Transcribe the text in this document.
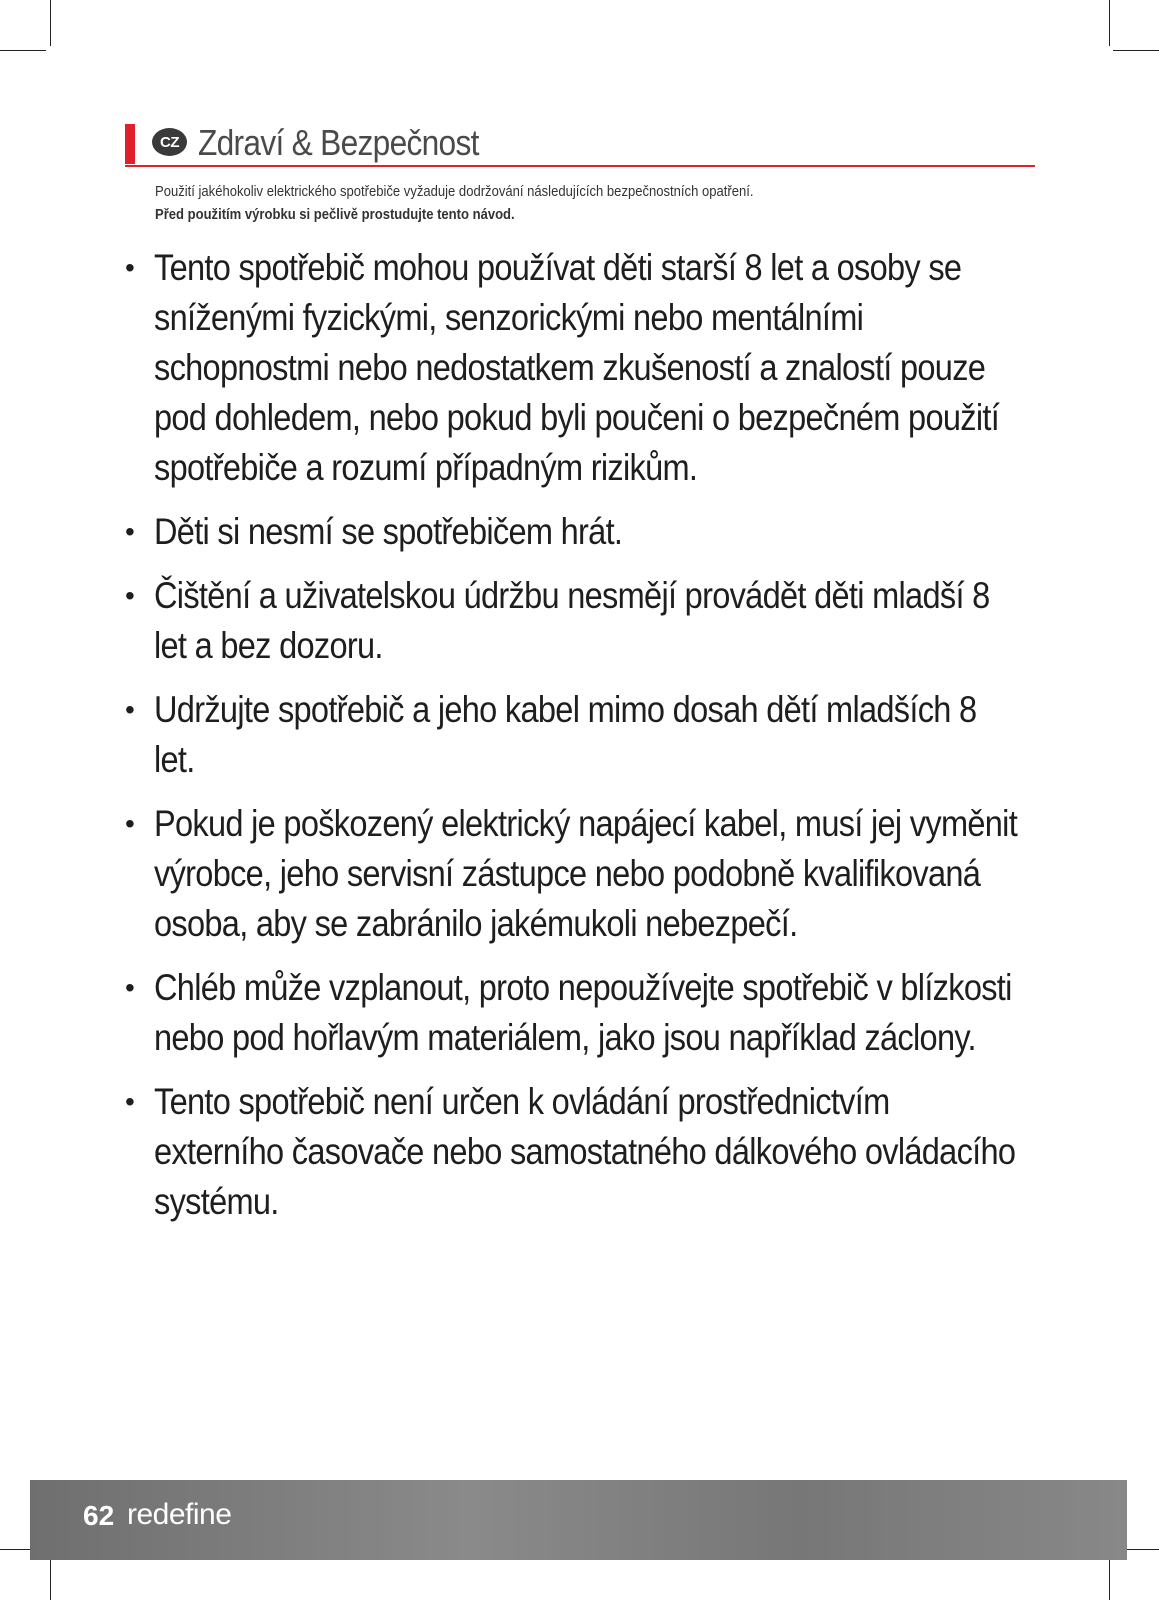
CZ Zdraví & Bezpečnost

Použití jakéhokoliv elektrického spotřebiče vyžaduje dodržování následujících bezpečnostních opatření.

Před použitím výrobku si pečlivě prostudujte tento návod.

• Tento spotřebič mohou používat děti starší 8 let a osoby se sníženými fyzickými, senzorickými nebo mentálními schopnostmi nebo nedostatkem zkušeností a znalostí pouze pod dohledem, nebo pokud byli poučeni o bezpečném použití spotřebiče a rozumí případným rizikům.
• Děti si nesmí se spotřebičem hrát.
• Čištění a uživatelskou údržbu nesmějí provádět děti mladší 8 let a bez dozoru.
• Udržujte spotřebič a jeho kabel mimo dosah dětí mladších 8 let.
• Pokud je poškozený elektrický napájecí kabel, musí jej vyměnit výrobce, jeho servisní zástupce nebo podobně kvalifikovaná osoba, aby se zabránilo jakémukoli nebezpečí.
• Chléb může vzplanout, proto nepoužívejte spotřebič v blízkosti nebo pod hořlavým materiálem, jako jsou například záclony.
• Tento spotřebič není určen k ovládání prostřednictvím externího časovače nebo samostatného dálkového ovládacího systému.
62 redefine
